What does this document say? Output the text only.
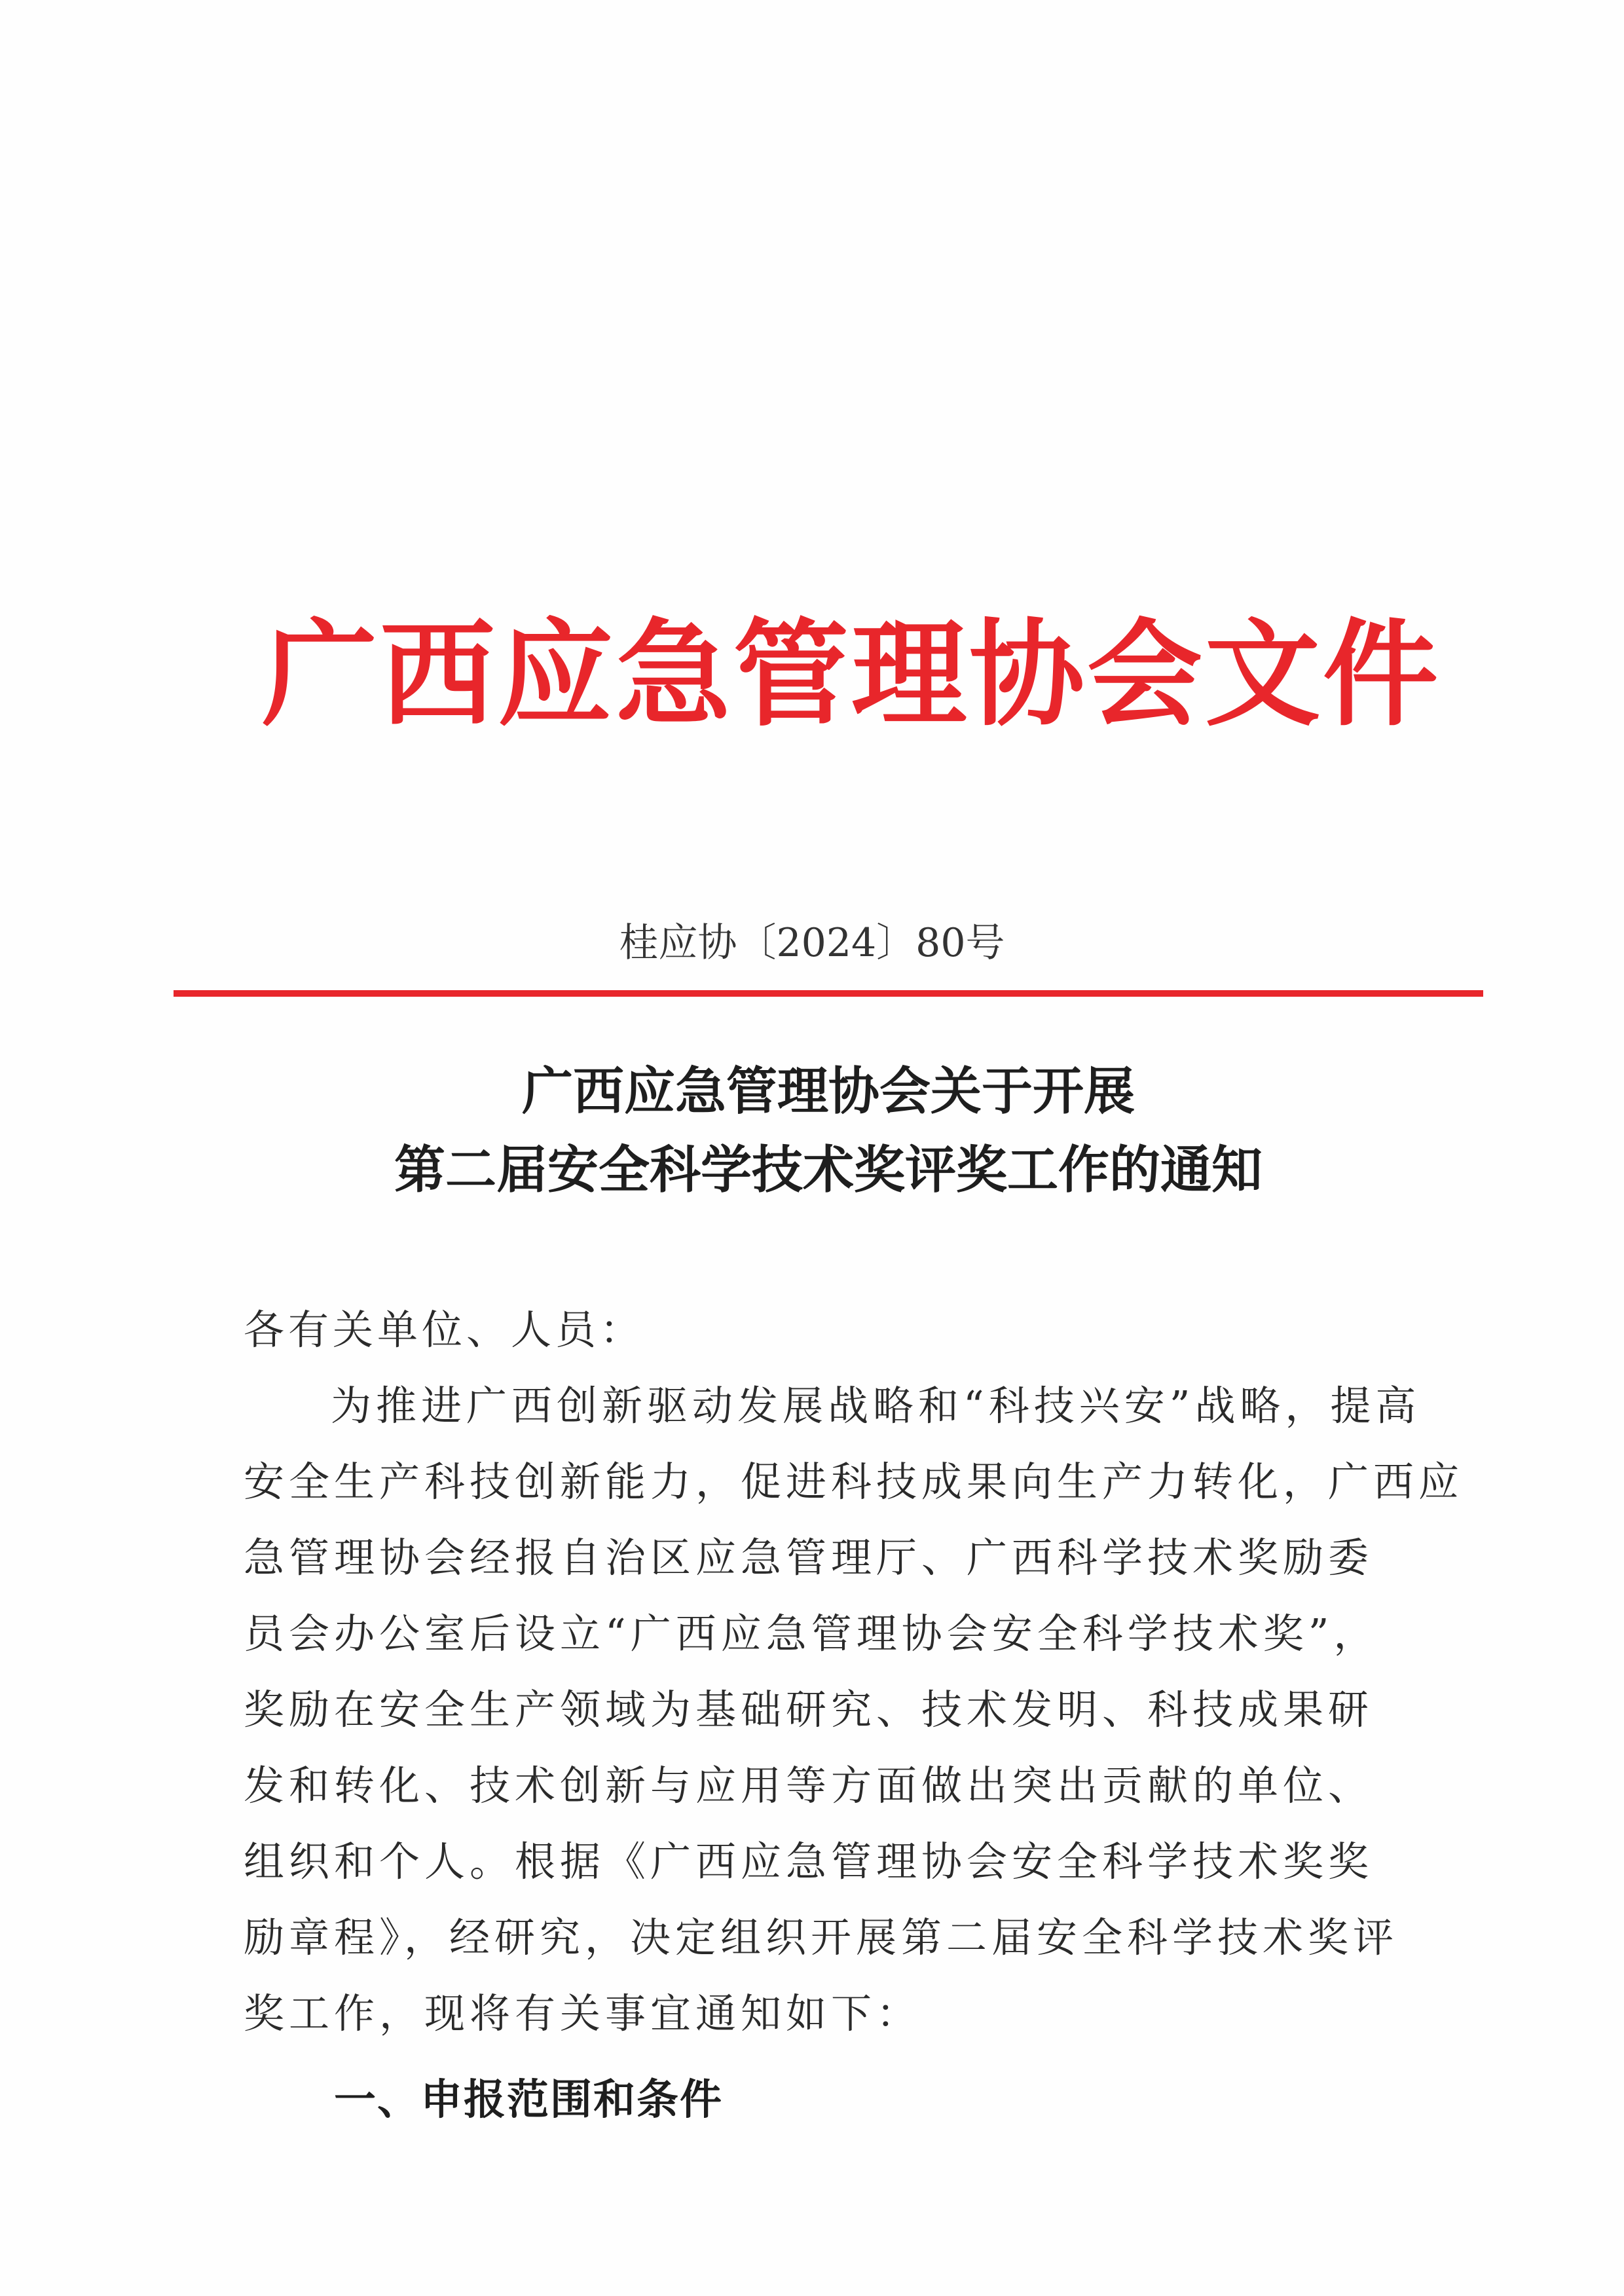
广西应急管理协会文件
桂应协〔2024〕80号
广西应急管理协会关于开展
第二届安全科学技术奖评奖工作的通知
各有关单位、人员：
为推进广西创新驱动发展战略和“科技兴安”战略，提高
安全生产科技创新能力，促进科技成果向生产力转化，广西应
急管理协会经报自治区应急管理厅、广西科学技术奖励委
员会办公室后设立“广西应急管理协会安全科学技术奖”，
奖励在安全生产领域为基础研究、技术发明、科技成果研
发和转化、技术创新与应用等方面做出突出贡献的单位、
组织和个人。根据《广西应急管理协会安全科学技术奖奖
励章程》，经研究，决定组织开展第二届安全科学技术奖评
奖工作，现将有关事宜通知如下：
一、申报范围和条件
